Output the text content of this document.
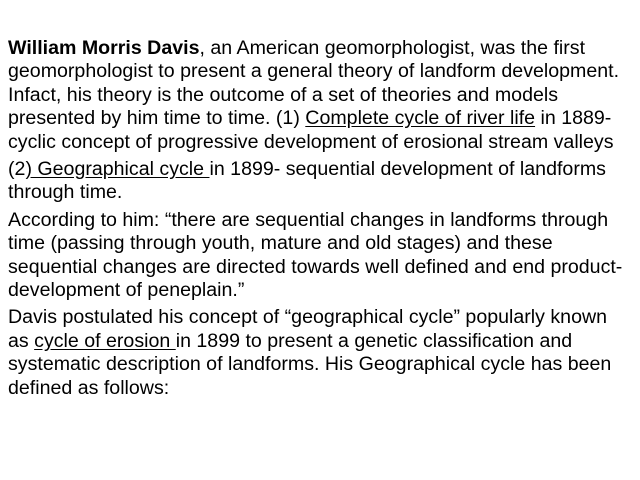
William Morris Davis, an American geomorphologist, was the first geomorphologist to present a general theory of landform development. Infact, his theory is the outcome of a set of theories and models presented by him time to time. (1) Complete cycle of river life in 1889- cyclic concept of progressive development of erosional stream valleys

(2) Geographical cycle in 1899- sequential development of landforms through time.

According to him: “there are sequential changes in landforms through time (passing through youth, mature and old stages) and these sequential changes are directed towards well defined and end product-development of peneplain.”

Davis postulated his concept of “geographical cycle” popularly known as cycle of erosion in 1899 to present a genetic classification and systematic description of landforms. His Geographical cycle has been defined as follows:
